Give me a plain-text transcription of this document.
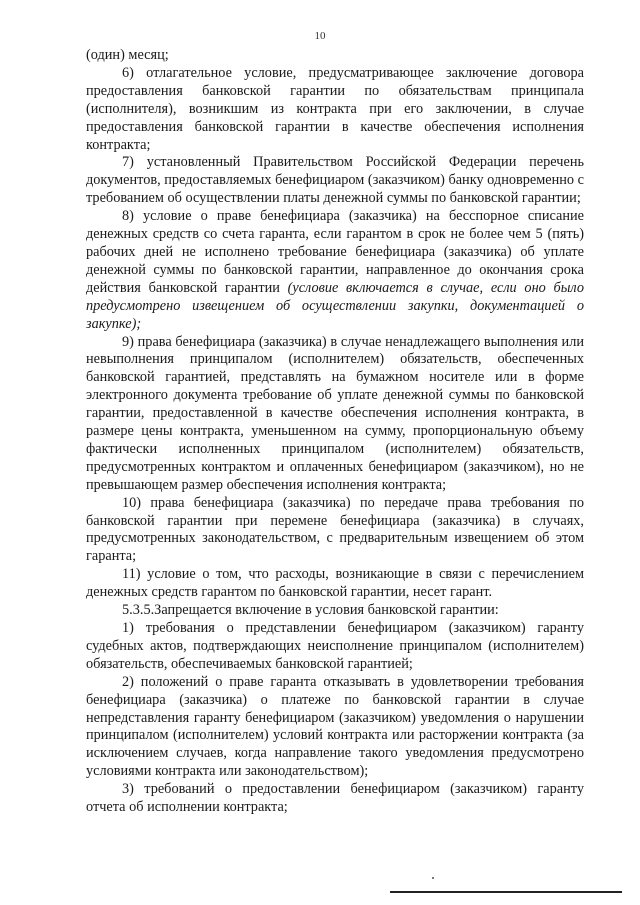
10

(один) месяц;

6) отлагательное условие, предусматривающее заключение договора предоставления банковской гарантии по обязательствам принципала (исполнителя), возникшим из контракта при его заключении, в случае предоставления банковской гарантии в качестве обеспечения исполнения контракта;

7) установленный Правительством Российской Федерации перечень документов, предоставляемых бенефициаром (заказчиком) банку одновременно с требованием об осуществлении платы денежной суммы по банковской гарантии;

8) условие о праве бенефициара (заказчика) на бесспорное списание денежных средств со счета гаранта, если гарантом в срок не более чем 5 (пять) рабочих дней не исполнено требование бенефициара (заказчика) об уплате денежной суммы по банковской гарантии, направленное до окончания срока действия банковской гарантии (условие включается в случае, если оно было предусмотрено извещением об осуществлении закупки, документацией о закупке);

9) права бенефициара (заказчика) в случае ненадлежащего выполнения или невыполнения принципалом (исполнителем) обязательств, обеспеченных банковской гарантией, представлять на бумажном носителе или в форме электронного документа требование об уплате денежной суммы по банковской гарантии, предоставленной в качестве обеспечения исполнения контракта, в размере цены контракта, уменьшенном на сумму, пропорциональную объему фактически исполненных принципалом (исполнителем) обязательств, предусмотренных контрактом и оплаченных бенефициаром (заказчиком), но не превышающем размер обеспечения исполнения контракта;

10) права бенефициара (заказчика) по передаче права требования по банковской гарантии при перемене бенефициара (заказчика) в случаях, предусмотренных законодательством, с предварительным извещением об этом гаранта;

11) условие о том, что расходы, возникающие в связи с перечислением денежных средств гарантом по банковской гарантии, несет гарант.

5.3.5.Запрещается включение в условия банковской гарантии:

1) требования о представлении бенефициаром (заказчиком) гаранту судебных актов, подтверждающих неисполнение принципалом (исполнителем) обязательств, обеспечиваемых банковской гарантией;

2) положений о праве гаранта отказывать в удовлетворении требования бенефициара (заказчика) о платеже по банковской гарантии в случае непредставления гаранту бенефициаром (заказчиком) уведомления о нарушении принципалом (исполнителем) условий контракта или расторжении контракта (за исключением случаев, когда направление такого уведомления предусмотрено условиями контракта или законодательством);

3) требований о предоставлении бенефициаром (заказчиком) гаранту отчета об исполнении контракта;
